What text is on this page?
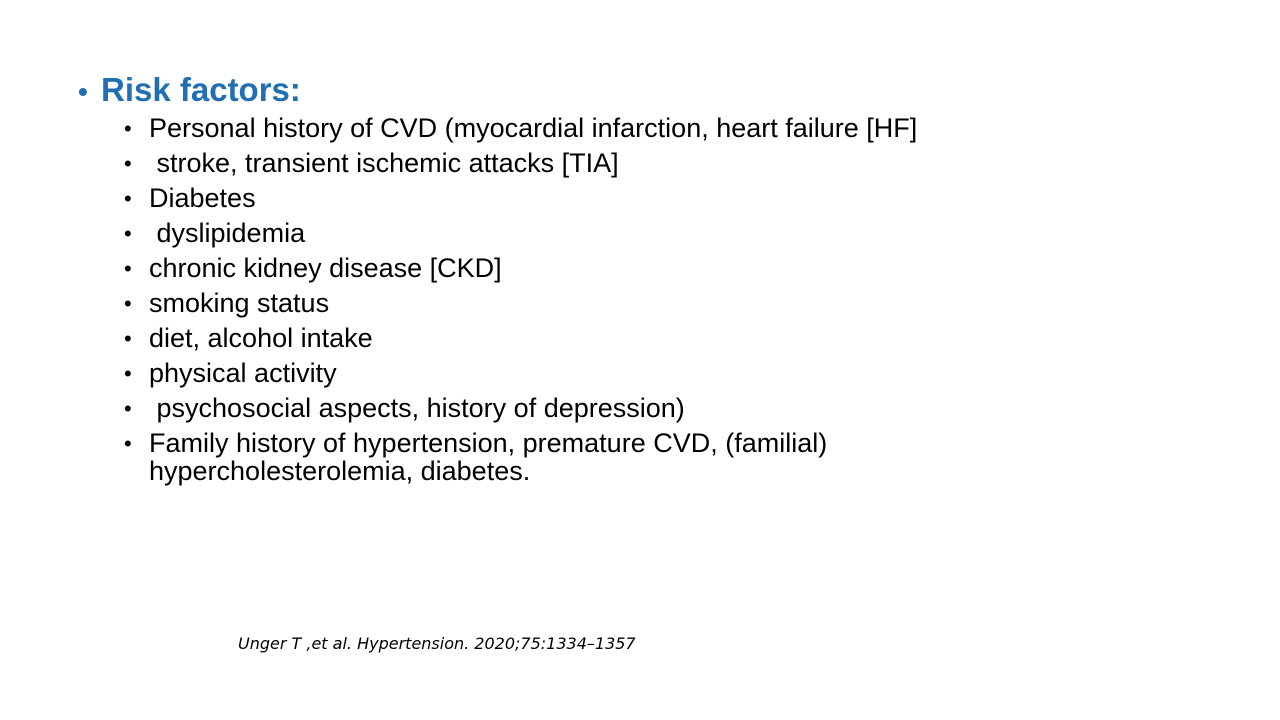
• Risk factors:
• Personal history of CVD (myocardial infarction, heart failure [HF]
• stroke, transient ischemic attacks [TIA]
• Diabetes
• dyslipidemia
• chronic kidney disease [CKD]
• smoking status
• diet, alcohol intake
• physical activity
• psychosocial aspects, history of depression)
• Family history of hypertension, premature CVD, (familial) hypercholesterolemia, diabetes.
Unger T ,et al. Hypertension. 2020;75:1334–1357
